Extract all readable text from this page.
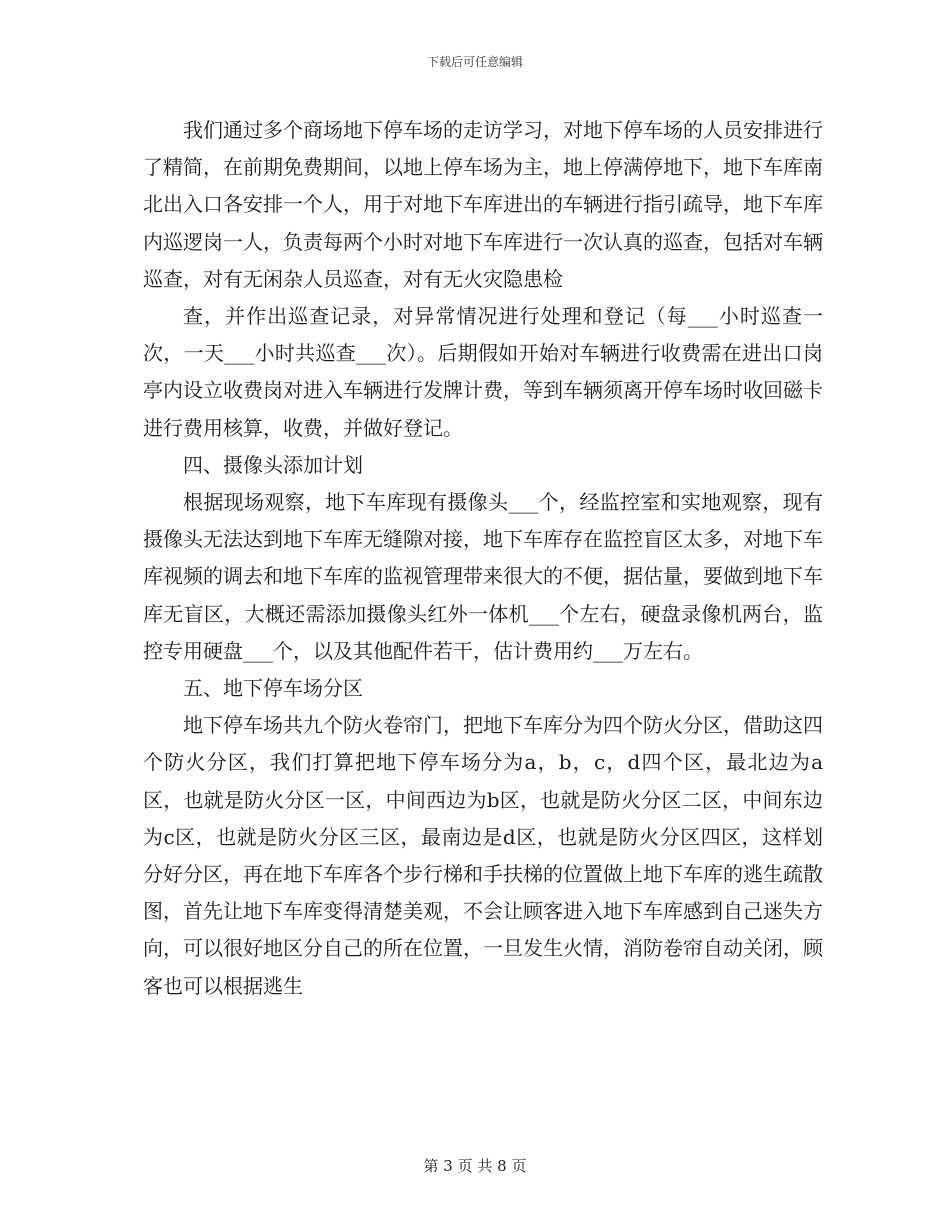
下载后可任意编辑

我们通过多个商场地下停车场的走访学习，对地下停车场的人员安排进行了精简，在前期免费期间，以地上停车场为主，地上停满停地下，地下车库南北出入口各安排一个人，用于对地下车库进出的车辆进行指引疏导，地下车库内巡逻岗一人，负责每两个小时对地下车库进行一次认真的巡查，包括对车辆巡查，对有无闲杂人员巡查，对有无火灾隐患检

查，并作出巡查记录，对异常情况进行处理和登记（每___小时巡查一次，一天___小时共巡查___次）。后期假如开始对车辆进行收费需在进出口岗亭内设立收费岗对进入车辆进行发牌计费，等到车辆须离开停车场时收回磁卡进行费用核算，收费，并做好登记。

四、摄像头添加计划

根据现场观察，地下车库现有摄像头___个，经监控室和实地观察，现有摄像头无法达到地下车库无缝隙对接，地下车库存在监控盲区太多，对地下车库视频的调去和地下车库的监视管理带来很大的不便，据估量，要做到地下车库无盲区，大概还需添加摄像头红外一体机___个左右，硬盘录像机两台，监控专用硬盘___个，以及其他配件若干，估计费用约___万左右。

五、地下停车场分区

地下停车场共九个防火卷帘门，把地下车库分为四个防火分区，借助这四个防火分区，我们打算把地下停车场分为a，b，c，d四个区，最北边为a区，也就是防火分区一区，中间西边为b区，也就是防火分区二区，中间东边为c区，也就是防火分区三区，最南边是d区，也就是防火分区四区，这样划分好分区，再在地下车库各个步行梯和手扶梯的位置做上地下车库的逃生疏散图，首先让地下车库变得清楚美观，不会让顾客进入地下车库感到自己迷失方向，可以很好地区分自己的所在位置，一旦发生火情，消防卷帘自动关闭，顾客也可以根据逃生

第 3 页 共 8 页
